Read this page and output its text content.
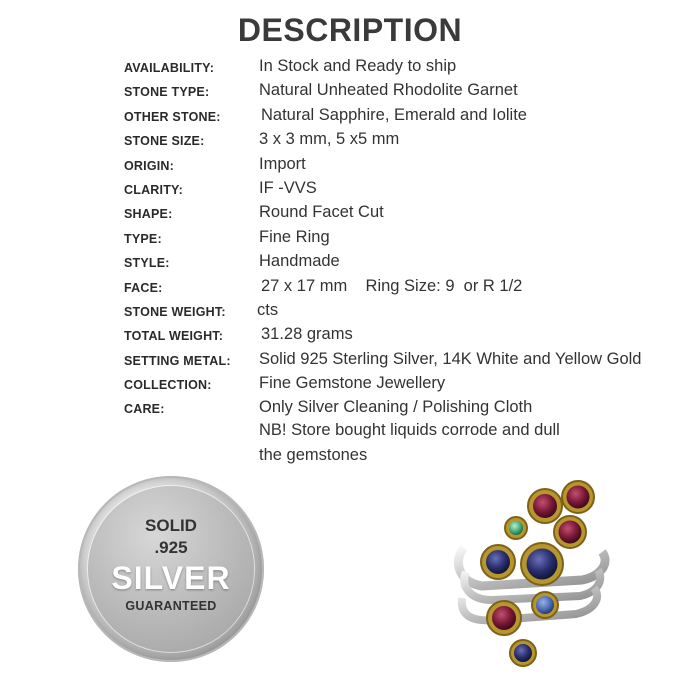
DESCRIPTION
AVAILABILITY:	In Stock and Ready to ship
STONE TYPE:	Natural Unheated Rhodolite Garnet
OTHER STONE: Natural Sapphire, Emerald and Iolite
STONE SIZE:	3 x 3 mm, 5 x5 mm
ORIGIN:	Import
CLARITY:	IF -VVS
SHAPE:	Round Facet Cut
TYPE:	Fine Ring
STYLE:	Handmade
FACE:	27 x 17 mm    Ring Size: 9  or R 1/2
STONE WEIGHT: cts
TOTAL WEIGHT: 31.28 grams
SETTING METAL: Solid 925 Sterling Silver, 14K White and Yellow Gold
COLLECTION:	Fine Gemstone Jewellery
CARE:	Only Silver Cleaning / Polishing Cloth
NB! Store bought liquids corrode and dull
the gemstones
SOLID
.925
SILVER
GUARANTEED
